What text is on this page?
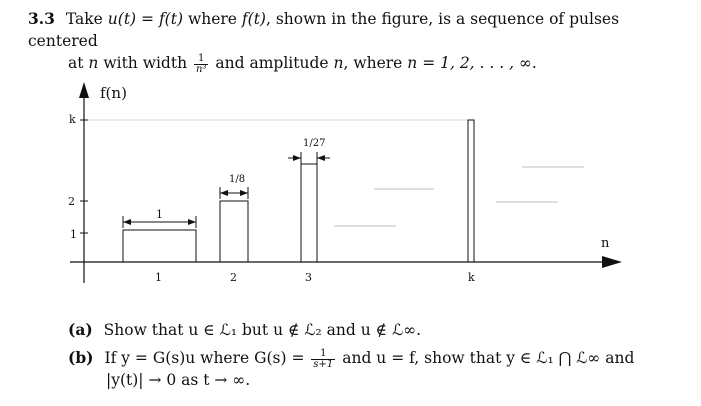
3.3 Take u(t) = f(t) where f(t), shown in the figure, is a sequence of pulses centered
at n with width $\frac{1}{\text{n³}}$ and amplitude n, where n = 1, 2, . . . , ∞.
f(n)
n
1
2
k
1	2	3	k
1
1/8
1/27
(a) Show that u ∈ ℒ₁ but u ∉ ℒ₂ and u ∉ ℒ∞.
(b) If y = G(s)u where $G(s) = \frac{1}{s+1}$ and u = f, show that y ∈ ℒ₁ ⋂ ℒ∞ and
|y(t)| → 0 as t → ∞.
